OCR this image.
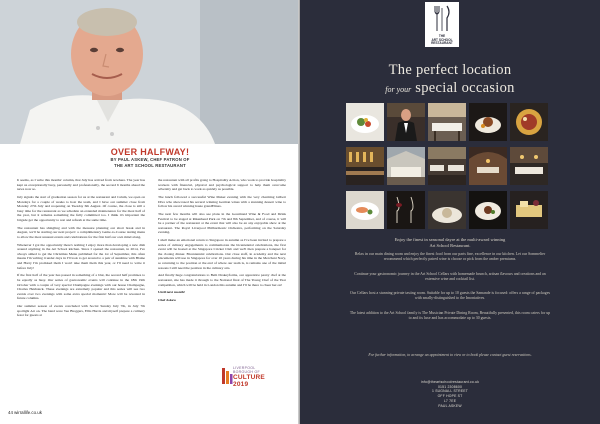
OVER HALFWAY!
BY PAUL ASKEW, CHEF PATRON OF
THE ART SCHOOL RESTAURANT

It seems, as I write this months' column, that July has arrived from nowhere. The year has kept us exceptionally busy, personally and professionally, the second 6 months ahead the news now so.

July signals the start of graduation season for us at the restaurant and Calum, we open on Mondays for a couple of weeks to host the team, and I have our summer close from Monday 27th July and reopening on Tuesday 6th August. Of course, the close is still a busy time for the restaurant as we schedule an extended maintenance for the most half of the year, but it remains something the fully committed too. I think it's important the brigade get the opportunity to rest and refresh at the same time.

The restaurant has shingling and with the measure planning our short break and in August, we'll be starting our next project: a complimentary Game-to-Course tasting menu to allow the most unusual events and celebrations for the first half our own mind along.

Whenever I got the opportunity there's nothing I enjoy more than developing a new dish around anything in the Art School kitchen. Since I opened the restaurant, in 2014, I've always aimed to get the Christmas Menu published for the 1st of September, this often means I'm writing it under days in I'll look to get around to a pair of sunshine with Blaine and Harry I'm promised them I won't take them them this year, or I'll need to write it before July!

If the first half of the year has passed in something of a blur, the second half promises to be equally as busy. Our series of gastronomic events will continue in the 18th 19th October with a couple of very special Champagne evenings with our house Champagne, Charles Heidsieck. These evenings are extremely popular and this series will see two events over two evenings with some extra special moments! More will be revealed in future columns.

Our summer season of events concluded with Social Sunday July 7th, in July 7th spotlight Art on. The band were Vee Bloggers, Ellis Harris and myself prepare a culinary feast for guests at

the restaurant with all profits going to Hospitality Action, who work to provide hospitality workers with financial, physical and psychological support to help them overcome adversity and get back to work as quickly as possible.

The lunch followed a successful Wine Maker evening with the very charming Gilbert Diva who showcased his several winning German wines with a stunning dessert wine to follow his award winning haute grandElines.

The next few months will also see plans in the Gourmand Wine & Food and Drink Festival to be staged at Rikenhead Park on 7th and 8th September, and of course, it will be a partner of the restaurant at the event that will also be an any enjoyable show at the restaurant. The Royal Liverpool Philharmonic Orchestra, performing on the Saturday evening.

I shall make an emotional return to Singapore in autumn as I've been invited to prepare a series of culinary engagements to commemorate the bicentennial celebrations, the first event will be hosted at the Singapore Cricket Club and we'll then prepare a banquet for the closing dinner. Bicentennial celebrations. Our close staff, in academy and the next placements will use in Singapore for over 10 years during his time in the Merchant Navy, so returning to the position at the end of where our team is, is remains one of the initial reasons I still need the position in the culinary arts.

And finally huge congratulations to Beth Drakeyforms, our apprentice pastry chef at the restaurant, she has made it through to the National final of The Young Chef of the Year competition, which will be held in London this autumn and I'll be there to cheer her on!

Until next month!

Chef Askew

LIVERPOOL
BOROUGH OF
CULTURE 2019
44 wirrallife.co.uk
THE
ART SCHOOL
RESTAURANT
The perfect location
for your special occasion
Enjoy the finest in seasonal dayre at the multi-award winning
Art School Restaurant.
Relax in our main dining room and enjoy the finest food from our parts fine, excellence in our kitchen. Let our Sommelier recommend which perfectly paired wine is choose or pick from the amber premiums.
Continue your gastronomic journey in the Art School Cellars with homemade brunch, artisan flavours and creations and an extensive wine and cocktail list.
Our Cellars host a stunning private tasting room. Suitable for up to 10 guests the Samande is focused: offers a range of packages with smally-distinguished to the Imoniatives.
The latest addition to the Art School family is The Musician Private Dining Room, Beautifully presented, this room caters for up to and its luxe and has accommodate up to 30 guests.
For further information, to arrange an appointment to view or to book please contact guest reservations.
info@theartschoolrestaurant.co.uk
0151 2308600
1 SUGNALL STREET
OFF HOPE ST
L7 7EE
PAUL ASKEW
